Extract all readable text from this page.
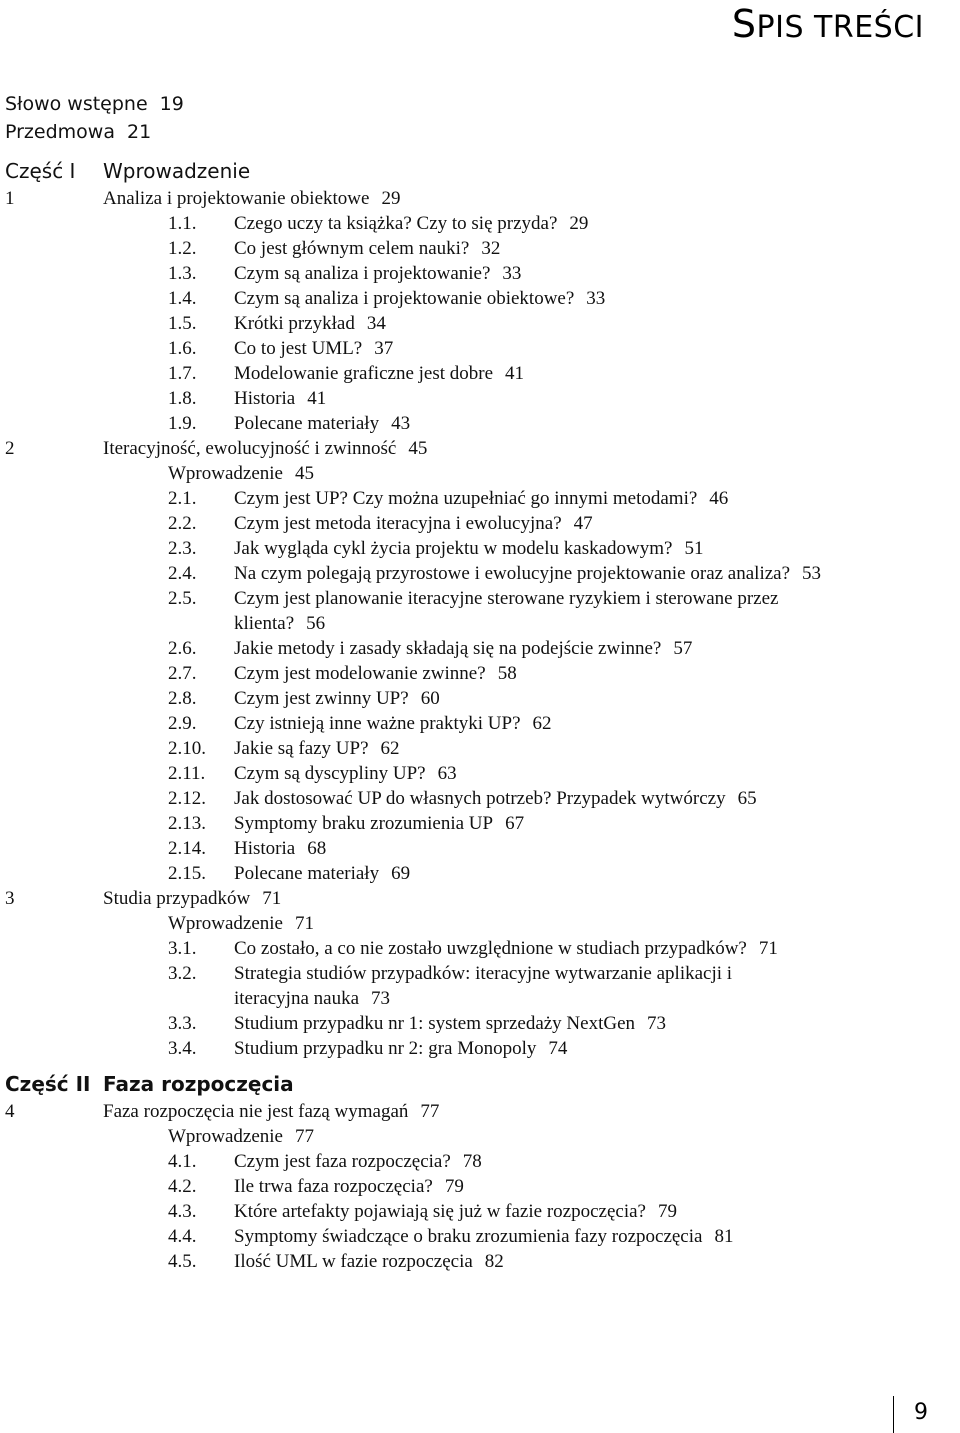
SPIS TREŚCI
Słowo wstępne 19
Przedmowa 21
Część I Wprowadzenie
1	Analiza i projektowanie obiektowe 29
1.1.	Czego uczy ta książka? Czy to się przyda? 29
1.2.	Co jest głównym celem nauki? 32
1.3.	Czym są analiza i projektowanie? 33
1.4.	Czym są analiza i projektowanie obiektowe? 33
1.5.	Krótki przykład 34
1.6.	Co to jest UML? 37
1.7.	Modelowanie graficzne jest dobre 41
1.8.	Historia 41
1.9.	Polecane materiały 43
2	Iteracyjność, ewolucyjność i zwinność 45
Wprowadzenie 45
2.1.	Czym jest UP? Czy można uzupełniać go innymi metodami? 46
2.2.	Czym jest metoda iteracyjna i ewolucyjna? 47
2.3.	Jak wygląda cykl życia projektu w modelu kaskadowym? 51
2.4.	Na czym polegają przyrostowe i ewolucyjne projektowanie oraz analiza? 53
2.5.	Czym jest planowanie iteracyjne sterowane ryzykiem i sterowane przez klienta? 56
2.6.	Jakie metody i zasady składają się na podejście zwinne? 57
2.7.	Czym jest modelowanie zwinne? 58
2.8.	Czym jest zwinny UP? 60
2.9.	Czy istnieją inne ważne praktyki UP? 62
2.10.	Jakie są fazy UP? 62
2.11.	Czym są dyscypliny UP? 63
2.12.	Jak dostosować UP do własnych potrzeb? Przypadek wytwórczy 65
2.13.	Symptomy braku zrozumienia UP 67
2.14.	Historia 68
2.15.	Polecane materiały 69
3	Studia przypadków 71
Wprowadzenie 71
3.1.	Co zostało, a co nie zostało uwzględnione w studiach przypadków? 71
3.2.	Strategia studiów przypadków: iteracyjne wytwarzanie aplikacji i iteracyjna nauka 73
3.3.	Studium przypadku nr 1: system sprzedaży NextGen 73
3.4.	Studium przypadku nr 2: gra Monopoly 74
Część II Faza rozpoczęcia
4	Faza rozpoczęcia nie jest fazą wymagań 77
Wprowadzenie 77
4.1.	Czym jest faza rozpoczęcia? 78
4.2.	Ile trwa faza rozpoczęcia? 79
4.3.	Które artefakty pojawiają się już w fazie rozpoczęcia? 79
4.4.	Symptomy świadczące o braku zrozumienia fazy rozpoczęcia 81
4.5.	Ilość UML w fazie rozpoczęcia 82
9
